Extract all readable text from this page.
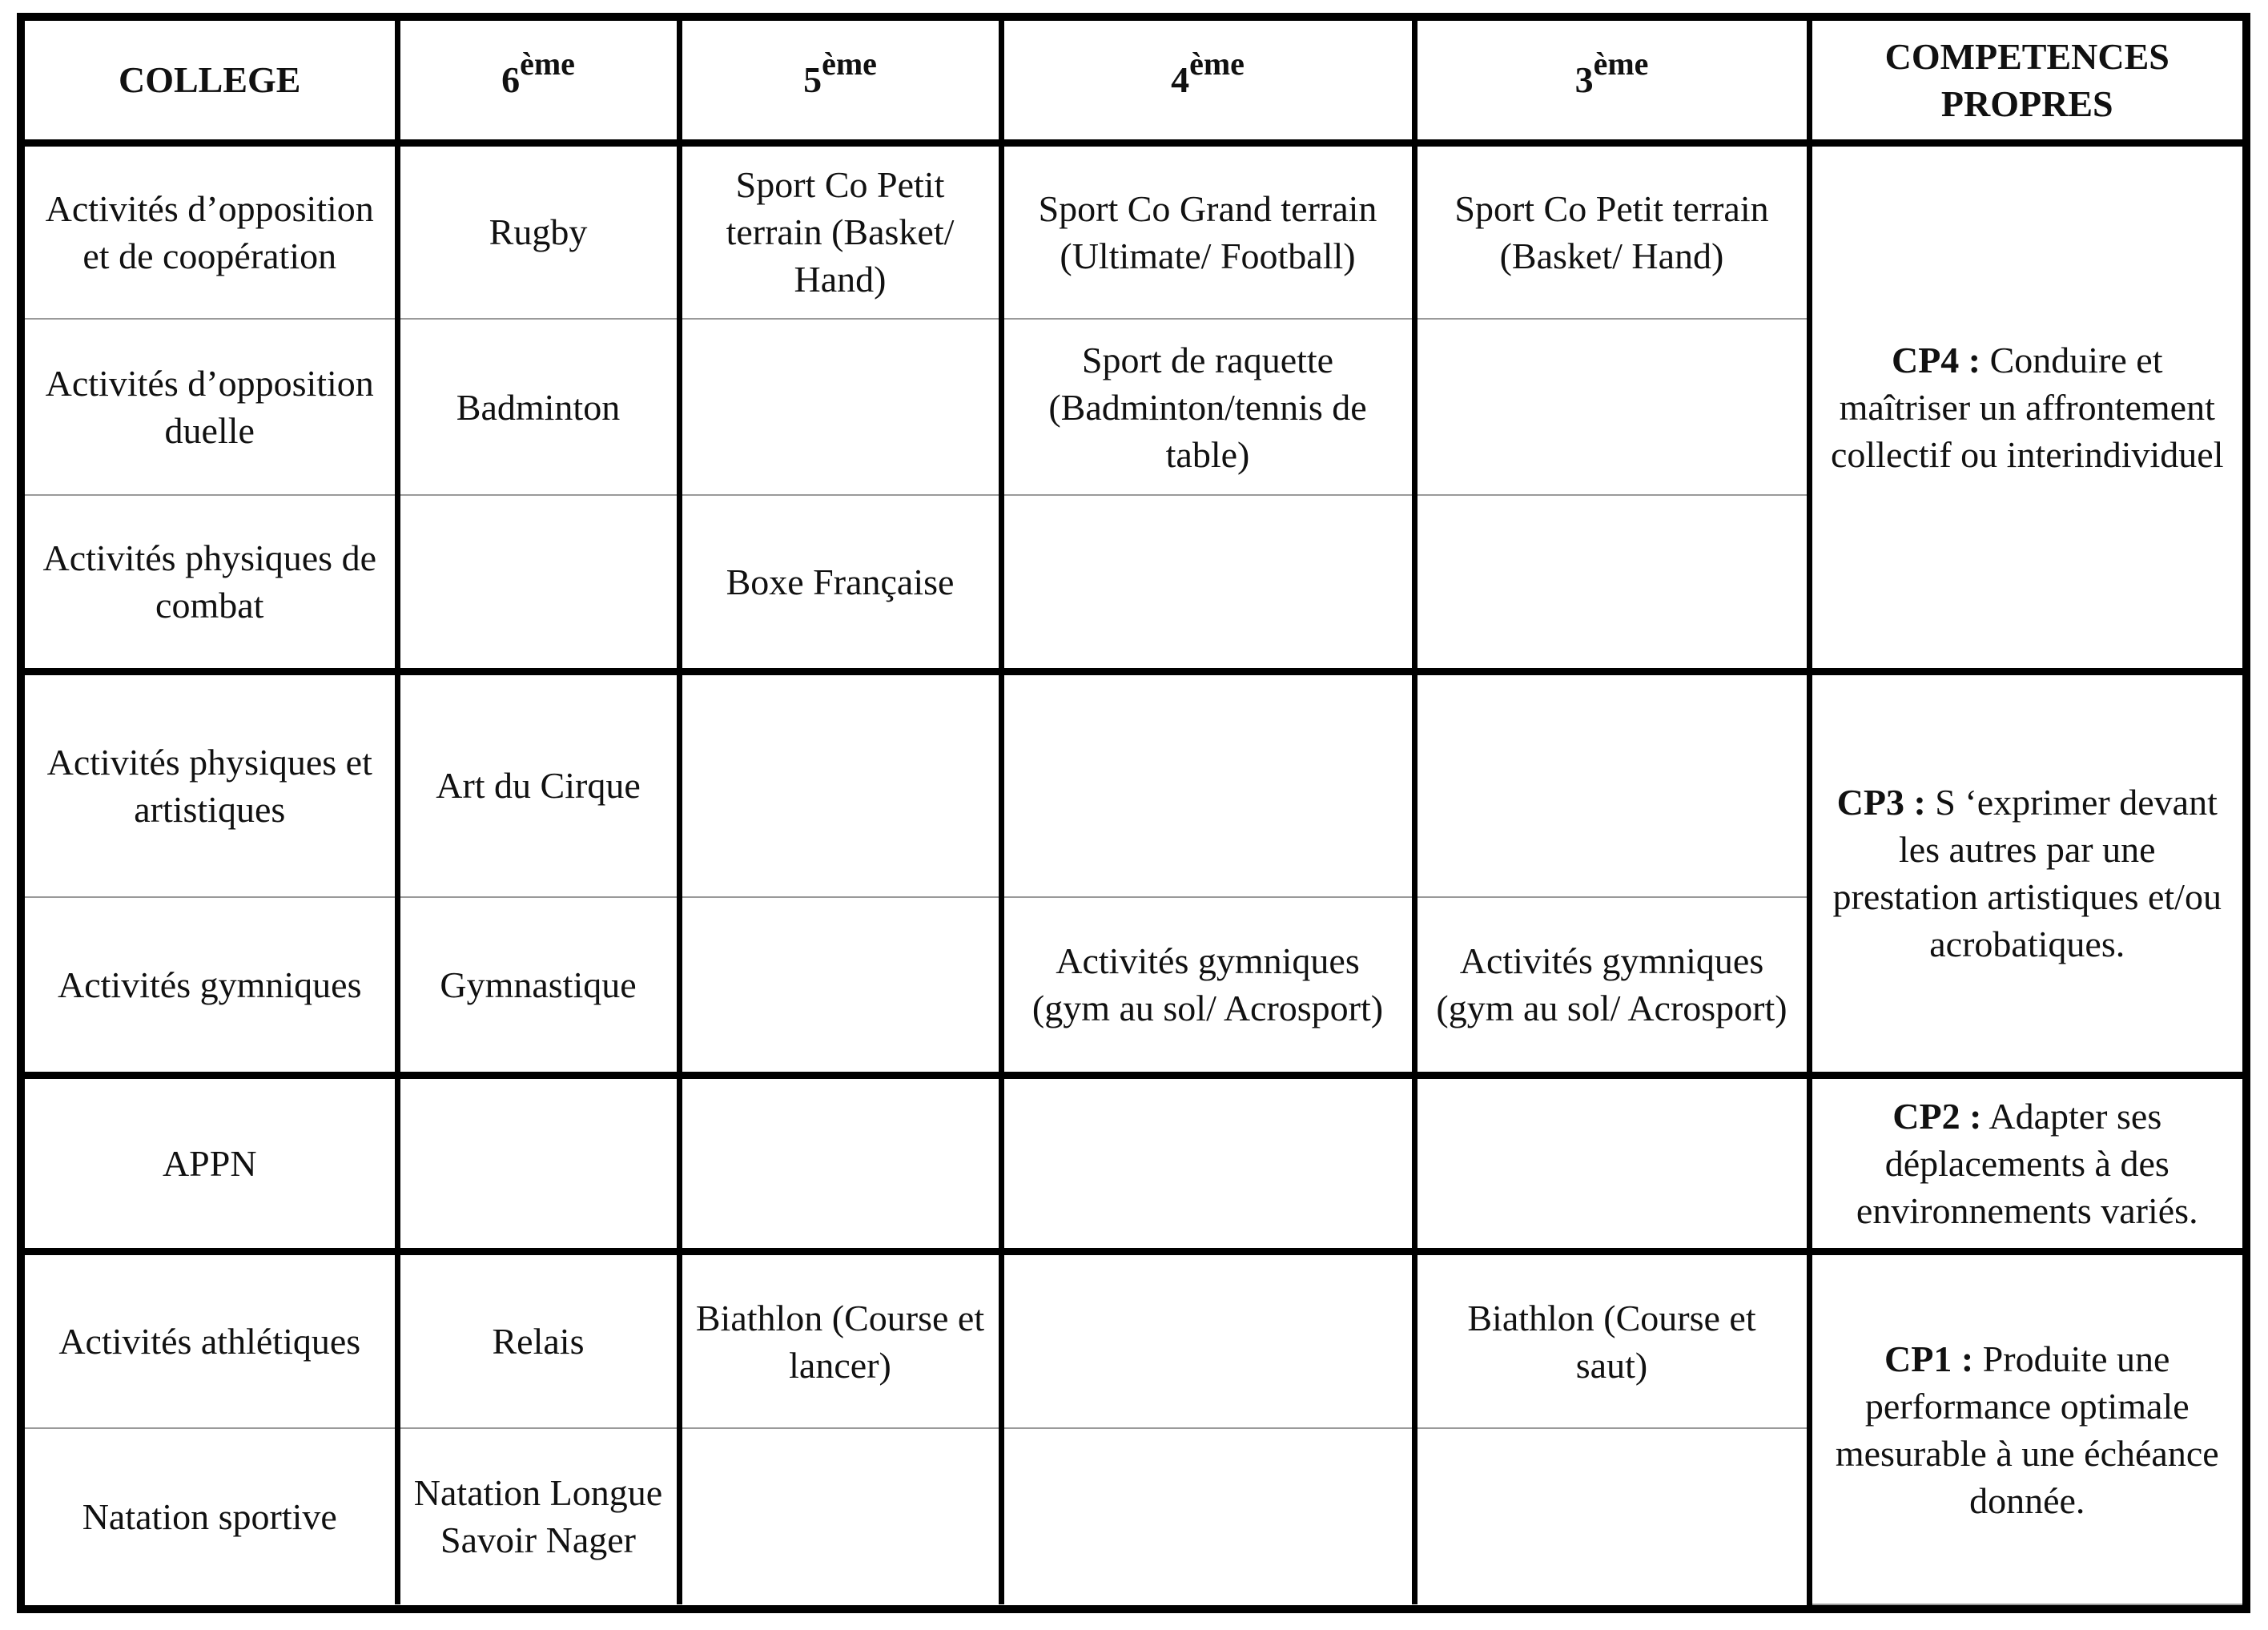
COLLEGE	6ème	5ème	4ème	3ème	COMPETENCES PROPRES
Activités d’opposition et de coopération	Rugby	Sport Co Petit terrain (Basket/ Hand)	Sport Co Grand terrain (Ultimate/ Football)	Sport Co Petit terrain (Basket/ Hand)	CP4 : Conduire et maîtriser un affrontement collectif ou interindividuel
Activités d’opposition duelle	Badminton		Sport de raquette (Badminton/tennis de table)		
Activités physiques de combat		Boxe Française			
Activités physiques et artistiques	Art du Cirque				CP3 : S ‘exprimer devant les autres par une prestation artistiques et/ou acrobatiques.
Activités gymniques	Gymnastique		Activités gymniques (gym au sol/ Acrosport)	Activités gymniques (gym au sol/ Acrosport)	
APPN					CP2 : Adapter ses déplacements à des environnements variés.
Activités athlétiques	Relais	Biathlon (Course et lancer)		Biathlon (Course et saut)	CP1 : Produite une performance optimale mesurable à une échéance donnée.
Natation sportive	Natation Longue Savoir Nager				
